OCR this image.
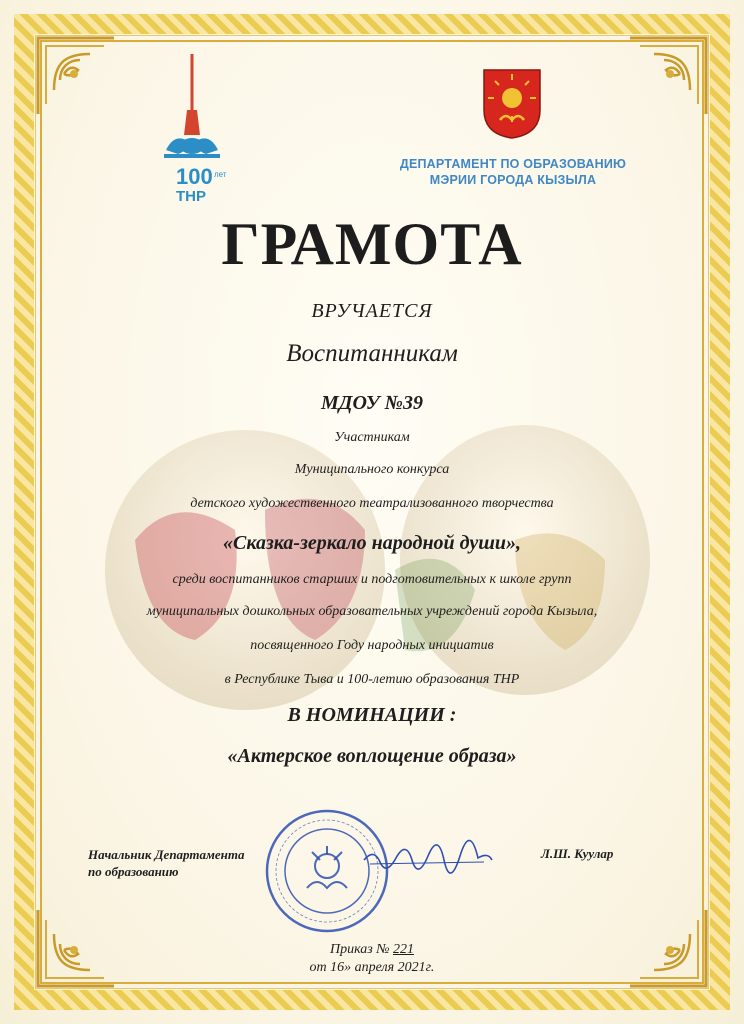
100 лет
ТНР
ДЕПАРТАМЕНТ ПО ОБРАЗОВАНИЮ
МЭРИИ ГОРОДА КЫЗЫЛА
ГРАМОТА
ВРУЧАЕТСЯ
Воспитанникам
МДОУ №39
Участникам
Муниципального конкурса
детского художественного театрализованного творчества
«Сказка-зеркало народной души»,
среди воспитанников старших и подготовительных к школе групп
муниципальных дошкольных образовательных учреждений города Кызыла,
посвященного Году народных инициатив
в Республике Тыва и 100-летию образования ТНР
В НОМИНАЦИИ :
«Актерское воплощение образа»
Начальник Департамента
по образованию
Л.Ш. Куулар
Приказ № 221
от 16» апреля 2021г.
